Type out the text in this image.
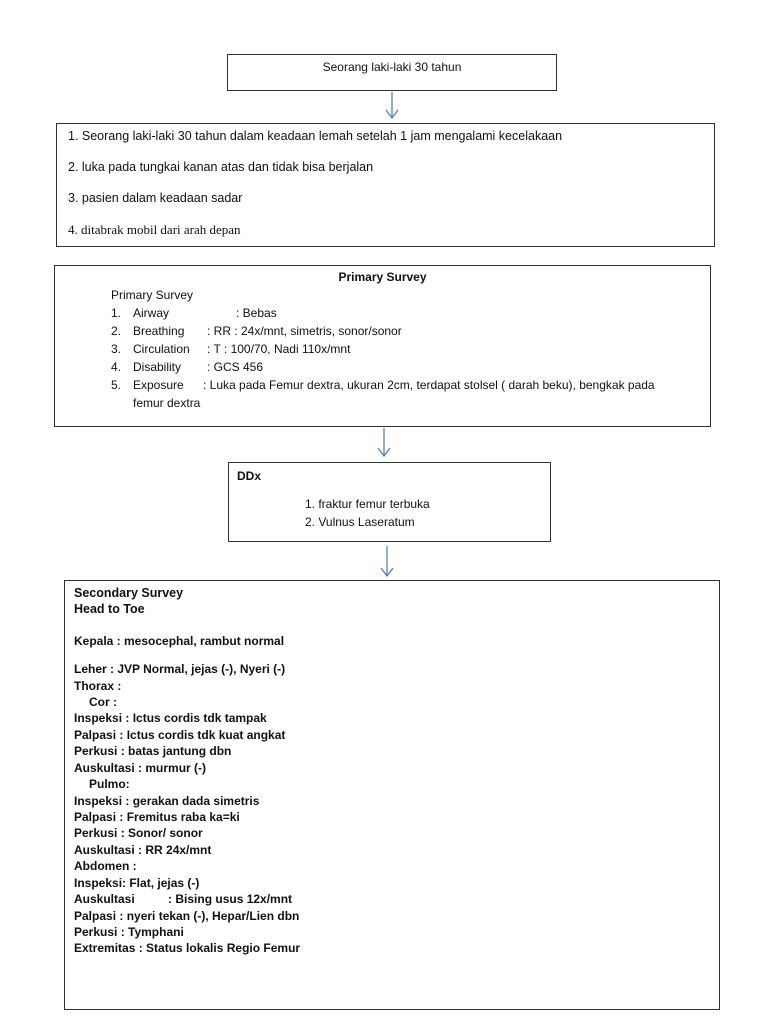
Seorang laki-laki 30 tahun
1. Seorang laki-laki 30 tahun dalam keadaan lemah setelah 1 jam mengalami kecelakaan
2. luka pada tungkai kanan atas dan tidak bisa berjalan
3. pasien dalam keadaan sadar
4. ditabrak mobil dari arah depan
Primary Survey
Primary Survey
1. Airway	: Bebas
2. Breathing : RR : 24x/mnt, simetris, sonor/sonor
3. Circulation : T : 100/70, Nadi 110x/mnt
4. Disability : GCS 456
5. Exposure : Luka pada Femur dextra, ukuran 2cm, terdapat stolsel ( darah beku), bengkak pada
femur dextra
DDx
1. fraktur femur terbuka
2. Vulnus Laseratum
Secondary Survey
Head to Toe
Kepala : mesocephal, rambut normal
Leher : JVP Normal, jejas (-), Nyeri (-)
Thorax :
Cor :
Inspeksi : Ictus cordis tdk tampak
Palpasi : Ictus cordis tdk kuat angkat
Perkusi : batas jantung dbn
Auskultasi : murmur (-)
Pulmo:
Inspeksi : gerakan dada simetris
Palpasi : Fremitus raba ka=ki
Perkusi : Sonor/ sonor
Auskultasi : RR 24x/mnt
Abdomen :
Inspeksi: Flat, jejas (-)
Auskultasi          : Bising usus 12x/mnt
Palpasi : nyeri tekan (-), Hepar/Lien dbn
Perkusi : Tymphani
Extremitas : Status lokalis Regio Femur
